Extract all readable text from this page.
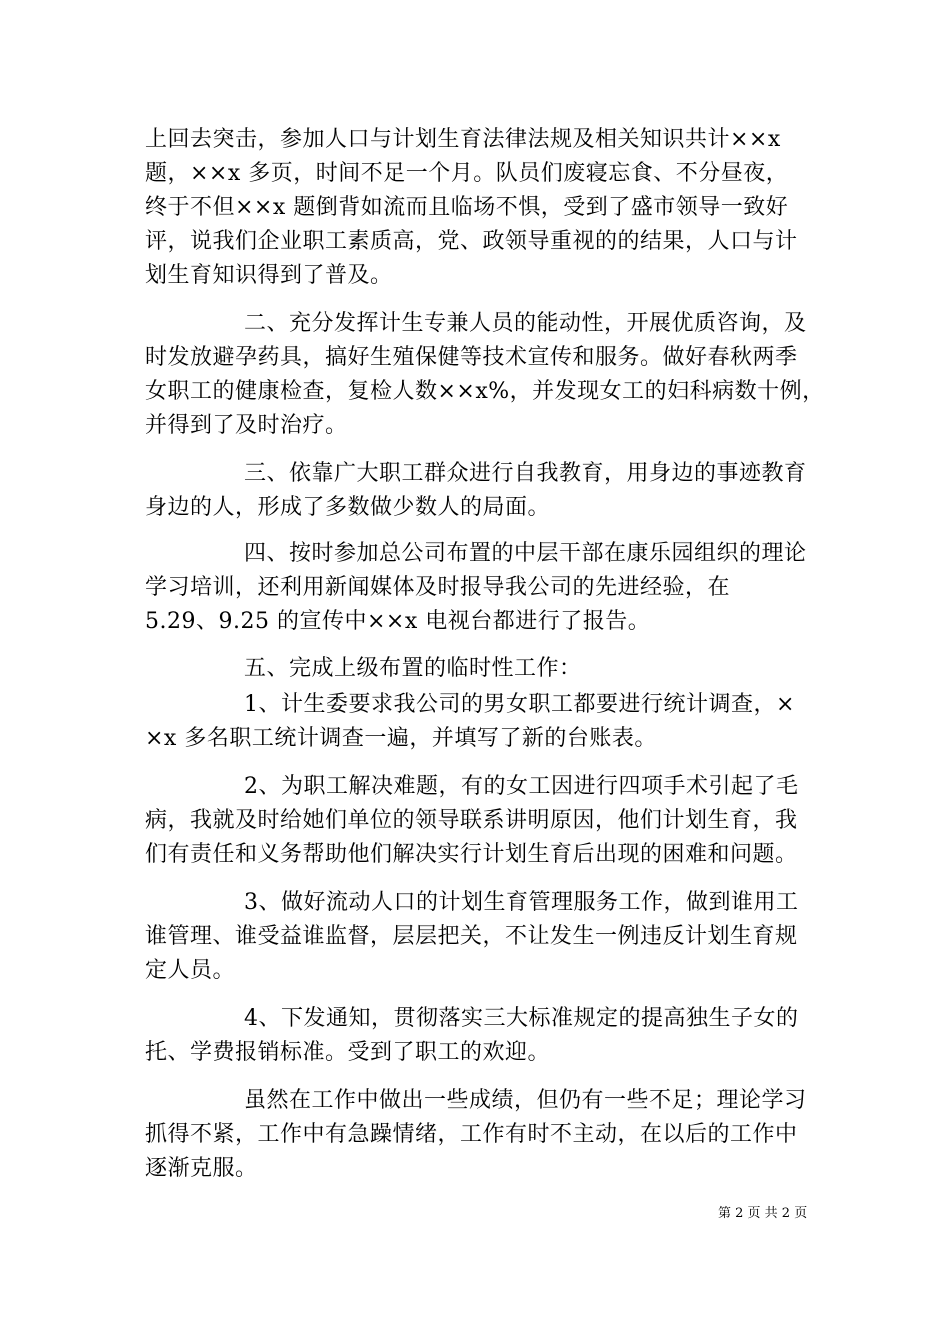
上回去突击，参加人口与计划生育法律法规及相关知识共计××x
题，××x 多页，时间不足一个月。队员们废寝忘食、不分昼夜，
终于不但××x 题倒背如流而且临场不惧，受到了盛市领导一致好
评，说我们企业职工素质高，党、政领导重视的的结果，人口与计
划生育知识得到了普及。
二、充分发挥计生专兼人员的能动性，开展优质咨询，及
时发放避孕药具，搞好生殖保健等技术宣传和服务。做好春秋两季
女职工的健康检查，复检人数××x%，并发现女工的妇科病数十例，
并得到了及时治疗。
三、依靠广大职工群众进行自我教育，用身边的事迹教育
身边的人，形成了多数做少数人的局面。
四、按时参加总公司布置的中层干部在康乐园组织的理论
学习培训，还利用新闻媒体及时报导我公司的先进经验，在
5.29、9.25 的宣传中××x 电视台都进行了报告。
五、完成上级布置的临时性工作：
1、计生委要求我公司的男女职工都要进行统计调查，×
×x 多名职工统计调查一遍，并填写了新的台账表。
2、为职工解决难题，有的女工因进行四项手术引起了毛
病，我就及时给她们单位的领导联系讲明原因，他们计划生育，我
们有责任和义务帮助他们解决实行计划生育后出现的困难和问题。
3、做好流动人口的计划生育管理服务工作，做到谁用工
谁管理、谁受益谁监督，层层把关，不让发生一例违反计划生育规
定人员。
4、下发通知，贯彻落实三大标准规定的提高独生子女的
托、学费报销标准。受到了职工的欢迎。
虽然在工作中做出一些成绩，但仍有一些不足；理论学习
抓得不紧，工作中有急躁情绪，工作有时不主动，在以后的工作中
逐渐克服。
第 2 页 共 2 页
